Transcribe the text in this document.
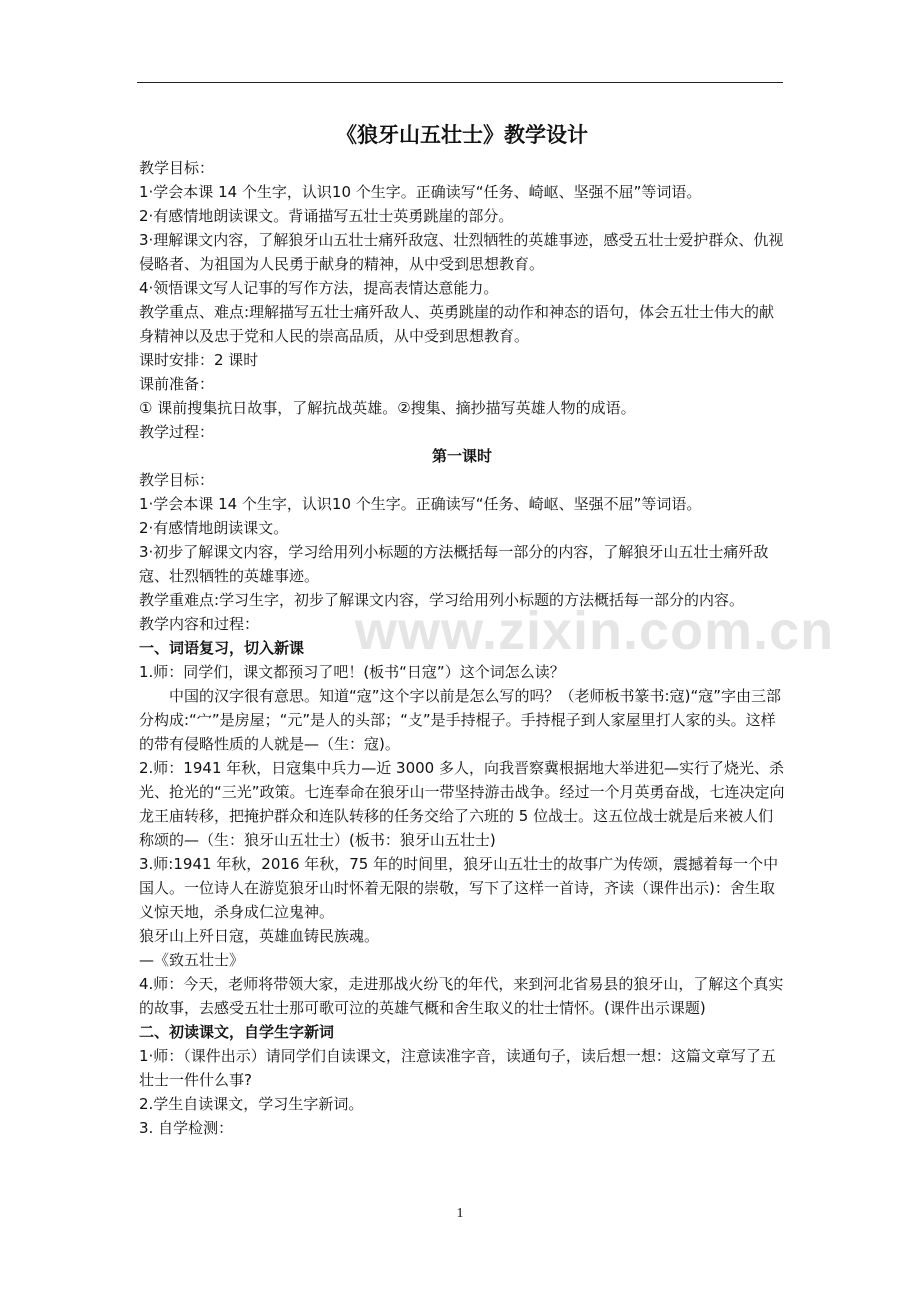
《狼牙山五壮士》教学设计
教学目标：
1·学会本课 14 个生字，认识10 个生字。正确读写“任务、崎岖、坚强不屈”等词语。
2·有感情地朗读课文。背诵描写五壮士英勇跳崖的部分。
3·理解课文内容，了解狼牙山五壮士痛歼敌寇、壮烈牺牲的英雄事迹，感受五壮士爱护群众、仇视侵略者、为祖国为人民勇于献身的精神，从中受到思想教育。
4·领悟课文写人记事的写作方法，提高表情达意能力。
教学重点、难点:理解描写五壮士痛歼敌人、英勇跳崖的动作和神态的语句，体会五壮士伟大的献身精神以及忠于党和人民的崇高品质，从中受到思想教育。
课时安排：2 课时
课前准备：
① 课前搜集抗日故事，了解抗战英雄。②搜集、摘抄描写英雄人物的成语。
教学过程：
第一课时
教学目标：
1·学会本课 14 个生字，认识10 个生字。正确读写“任务、崎岖、坚强不屈”等词语。
2·有感情地朗读课文。
3·初步了解课文内容，学习给用列小标题的方法概括每一部分的内容，了解狼牙山五壮士痛歼敌寇、壮烈牺牲的英雄事迹。
教学重难点:学习生字，初步了解课文内容，学习给用列小标题的方法概括每一部分的内容。
教学内容和过程：
一、词语复习，切入新课
1.师：同学们，课文都预习了吧！(板书“日寇”）这个词怎么读？
中国的汉字很有意思。知道“寇”这个字以前是怎么写的吗？（老师板书篆书:寇)“寇”字由三部分构成:“宀”是房屋；“元”是人的头部；“攴”是手持棍子。手持棍子到人家屋里打人家的头。这样的带有侵略性质的人就是—（生：寇)。
2.师：1941 年秋，日寇集中兵力—近 3000 多人，向我晋察冀根据地大举进犯—实行了烧光、杀光、抢光的“三光”政策。七连奉命在狼牙山一带坚持游击战争。经过一个月英勇奋战，七连决定向龙王庙转移，把掩护群众和连队转移的任务交给了六班的 5 位战士。这五位战士就是后来被人们称颂的—（生：狼牙山五壮士）(板书：狼牙山五壮士)
3.师:1941 年秋，2016 年秋，75 年的时间里，狼牙山五壮士的故事广为传颂，震撼着每一个中国人。一位诗人在游览狼牙山时怀着无限的崇敬，写下了这样一首诗，齐读（课件出示)：舍生取义惊天地，杀身成仁泣鬼神。
狼牙山上歼日寇，英雄血铸民族魂。
—《致五壮士》
4.师：今天，老师将带领大家，走进那战火纷飞的年代，来到河北省易县的狼牙山，了解这个真实的故事，去感受五壮士那可歌可泣的英雄气概和舍生取义的壮士情怀。(课件出示课题)
二、初读课文，自学生字新词
1·师：（课件出示）请同学们自读课文，注意读准字音，读通句子，读后想一想：这篇文章写了五壮士一件什么事?
2.学生自读课文，学习生字新词。
3. 自学检测：
www.zixin.com.cn
1
